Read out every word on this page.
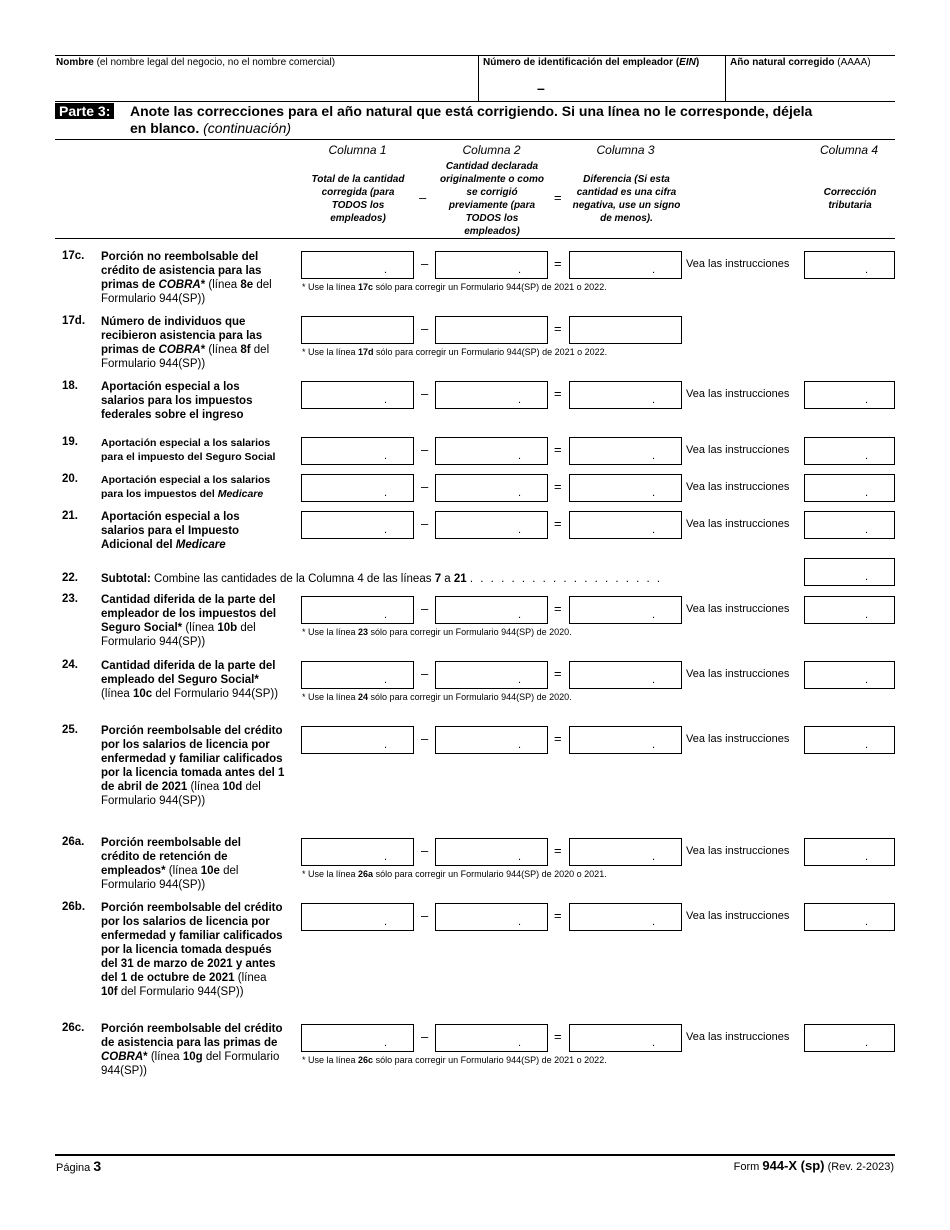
Nombre (el nombre legal del negocio, no el nombre comercial)	Número de identificación del empleador (EIN)
–
Año natural corregido (AAAA)
Parte 3: Anote las correcciones para el año natural que está corrigiendo. Si una línea no le corresponde, déjela
en blanco. (continuación)
Columna 1	Columna 2	Columna 3	Columna 4
Total de la cantidad corregida (para TODOS los empleados)
–
Cantidad declarada originalmente o como se corrigió previamente (para TODOS los empleados)
=
Diferencia (Si esta cantidad es una cifra negativa, use un signo de menos).
Corrección tributaria
17c. Porción no reembolsable del crédito de asistencia para las primas de COBRA* (línea 8e del Formulario 944(SP))
.	–	.	=	.	Vea las instrucciones	.
* Use la línea 17c sólo para corregir un Formulario 944(SP) de 2021 o 2022.
17d. Número de individuos que recibieron asistencia para las primas de COBRA* (línea 8f del Formulario 944(SP))
–	=
* Use la línea 17d sólo para corregir un Formulario 944(SP) de 2021 o 2022.
18. Aportación especial a los salarios para los impuestos federales sobre el ingreso
.	–	.	=	.	Vea las instrucciones	.
19. Aportación especial a los salarios para el impuesto del Seguro Social	.	–	.	=	.	Vea las instrucciones	.
20. Aportación especial a los salarios para los impuestos del Medicare	.	–	.	=	.	Vea las instrucciones	.
21. Aportación especial a los salarios para el Impuesto Adicional del Medicare
.	–	.	=	.	Vea las instrucciones	.
22. Subtotal: Combine las cantidades de la Columna 4 de las líneas 7 a 21 . . . . . . . . . . . . . . . . . . .	.
23. Cantidad diferida de la parte del empleador de los impuestos del Seguro Social* (línea 10b del Formulario 944(SP))
.	–	.	=	.	Vea las instrucciones	.
* Use la línea 23 sólo para corregir un Formulario 944(SP) de 2020.
24. Cantidad diferida de la parte del empleado del Seguro Social* (línea 10c del Formulario 944(SP))
.	–	.	=	.	Vea las instrucciones	.
* Use la línea 24 sólo para corregir un Formulario 944(SP) de 2020.
25. Porción reembolsable del crédito por los salarios de licencia por enfermedad y familiar calificados por la licencia tomada antes del 1 de abril de 2021 (línea 10d del Formulario 944(SP))
.	–	.	=	.	Vea las instrucciones	.
26a. Porción reembolsable del crédito de retención de empleados* (línea 10e del Formulario 944(SP))
.	–	.	=	.	Vea las instrucciones	.
* Use la línea 26a sólo para corregir un Formulario 944(SP) de 2020 o 2021.
26b. Porción reembolsable del crédito por los salarios de licencia por enfermedad y familiar calificados por la licencia tomada después del 31 de marzo de 2021 y antes del 1 de octubre de 2021 (línea 10f del Formulario 944(SP))
.	–	.	=	.	Vea las instrucciones	.
26c. Porción reembolsable del crédito de asistencia para las primas de COBRA* (línea 10g del Formulario 944(SP))
.	–	.	=	.	Vea las instrucciones	.
* Use la línea 26c sólo para corregir un Formulario 944(SP) de 2021 o 2022.
Página 3	Form 944-X (sp) (Rev. 2-2023)
